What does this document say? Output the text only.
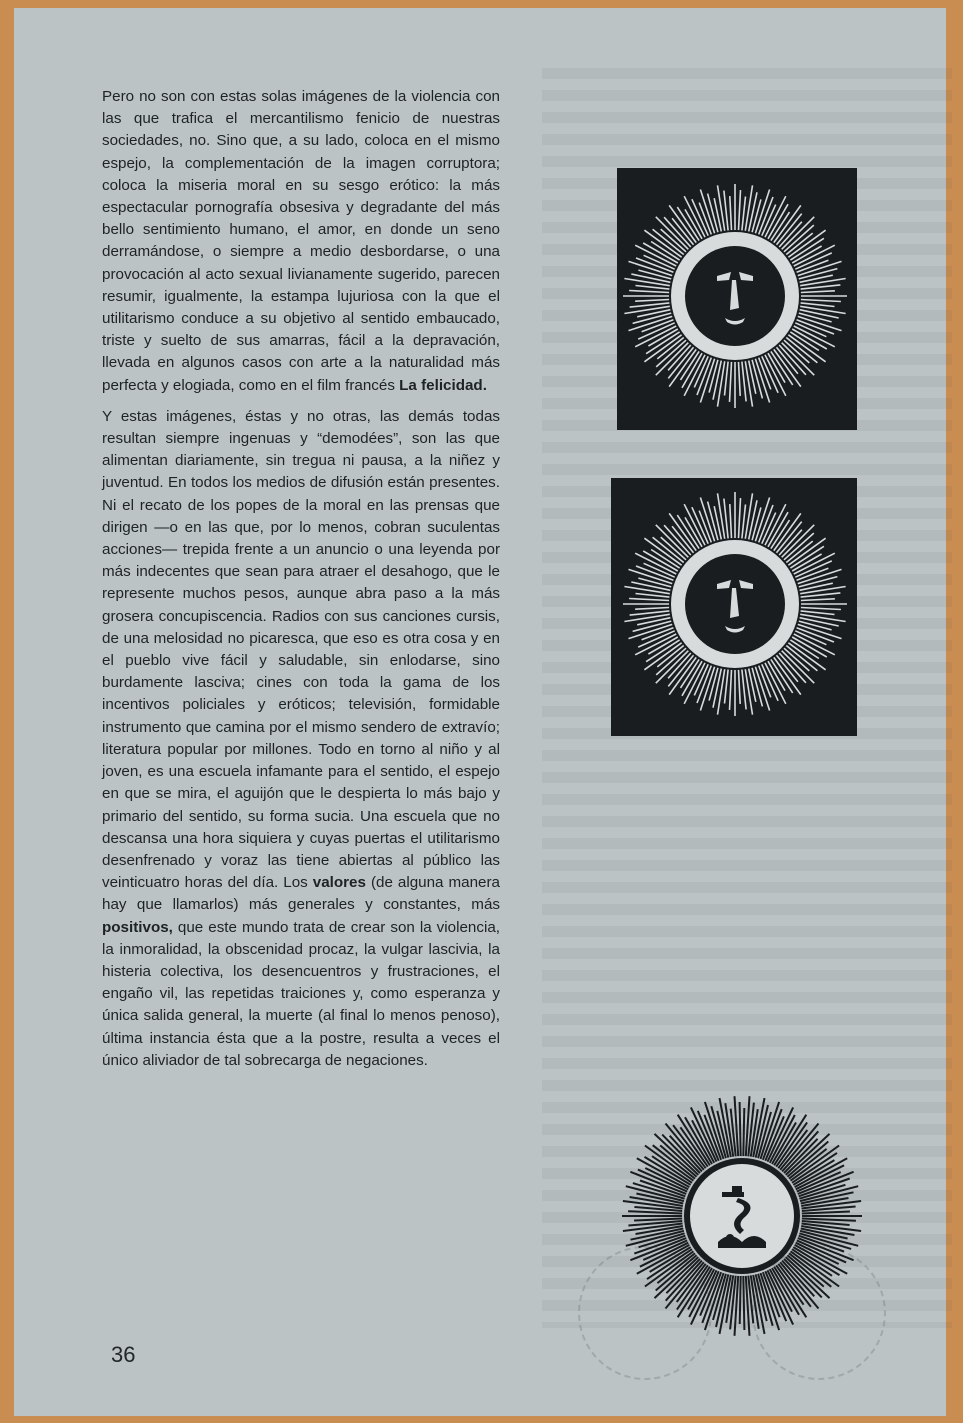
Pero no son con estas solas imágenes de la violencia con las que trafica el mercantilismo fenicio de nuestras sociedades, no. Sino que, a su lado, coloca en el mismo espejo, la complementación de la imagen corruptora; coloca la miseria moral en su sesgo erótico: la más espectacular pornografía obsesiva y degradante del más bello sentimiento humano, el amor, en donde un seno derramándose, o siempre a medio desbordarse, o una provocación al acto sexual livianamente sugerido, parecen resumir, igualmente, la estampa lujuriosa con la que el utilitarismo conduce a su objetivo al sentido embaucado, triste y suelto de sus amarras, fácil a la depravación, llevada en algunos casos con arte a la naturalidad más perfecta y elogiada, como en el film francés La felicidad.

Y estas imágenes, éstas y no otras, las demás todas resultan siempre ingenuas y “demodées”, son las que alimentan diariamente, sin tregua ni pausa, a la niñez y juventud. En todos los medios de difusión están presentes. Ni el recato de los popes de la moral en las prensas que dirigen —o en las que, por lo menos, cobran suculentas acciones— trepida frente a un anuncio o una leyenda por más indecentes que sean para atraer el desahogo, que le represente muchos pesos, aunque abra paso a la más grosera concupiscencia. Radios con sus canciones cursis, de una melosidad no picaresca, que eso es otra cosa y en el pueblo vive fácil y saludable, sin enlodarse, sino burdamente lasciva; cines con toda la gama de los incentivos policiales y eróticos; televisión, formidable instrumento que camina por el mismo sendero de extravío; literatura popular por millones. Todo en torno al niño y al joven, es una escuela infamante para el sentido, el espejo en que se mira, el aguijón que le despierta lo más bajo y primario del sentido, su forma sucia. Una escuela que no descansa una hora siquiera y cuyas puertas el utilitarismo desenfrenado y voraz las tiene abiertas al público las veinticuatro horas del día. Los valores (de alguna manera hay que llamarlos) más generales y constantes, más positivos, que este mundo trata de crear son la violencia, la inmoralidad, la obscenidad procaz, la vulgar lascivia, la histeria colectiva, los desencuentros y frustraciones, el engaño vil, las repetidas traiciones y, como esperanza y única salida general, la muerte (al final lo menos penoso), última instancia ésta que a la postre, resulta a veces el único aliviador de tal sobrecarga de negaciones.

36
